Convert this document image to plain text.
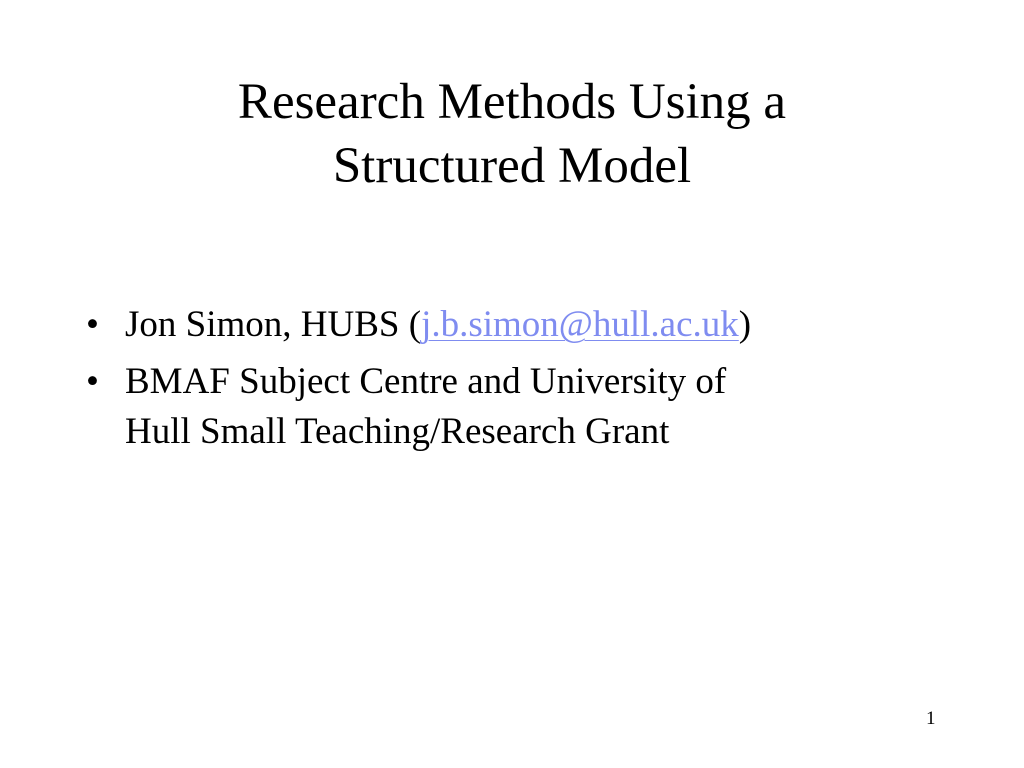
Research Methods Using a
Structured Model
• Jon Simon, HUBS (j.b.simon@hull.ac.uk)
• BMAF Subject Centre and University of
Hull Small Teaching/Research Grant
1
